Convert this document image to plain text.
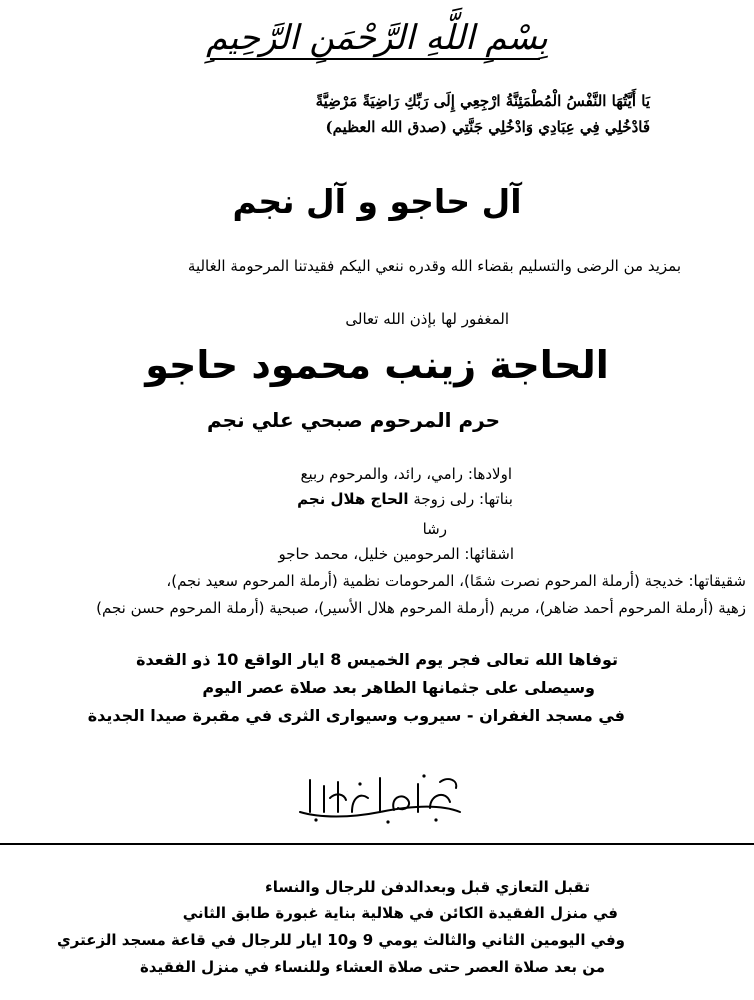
بِسْمِ اللَّهِ الرَّحْمَنِ الرَّحِيمِ
يَا أَيَّتُهَا النَّفْسُ الْمُطْمَئِنَّةُ ارْجِعِي إِلَى رَبِّكِ رَاضِيَةً مَرْضِيَّةً
فَادْخُلِي فِي عِبَادِي وَادْخُلِي جَنَّتِي (صدق الله العظيم)
آل حاجو و آل نجم
بمزيد من الرضى والتسليم بقضاء الله وقدره ننعي اليكم فقيدتنا المرحومة الغالية
المغفور لها بإذن الله تعالى
الحاجة زينب محمود حاجو
حرم المرحوم صبحي علي نجم
اولادها: رامي، رائد، والمرحوم ربيع
بناتها: رلى زوجة الحاج هلال نجم
رشا
اشقائها: المرحومين خليل، محمد حاجو
شقيقاتها: خديجة (أرملة المرحوم نصرت شمًا)، المرحومات نظمية (أرملة المرحوم سعيد نجم)،
زهية (أرملة المرحوم أحمد ضاهر)، مريم (أرملة المرحوم هلال الأسير)، صبحية (أرملة المرحوم حسن نجم)
توفاها الله تعالى فجر يوم الخميس 8 ايار الواقع 10 ذو القعدة
وسيصلى على جثمانها الطاهر بعد صلاة عصر اليوم
في مسجد الغفران - سيروب وسيوارى الثرى في مقبرة صيدا الجديدة
تقبل التعازي قبل وبعدالدفن للرجال والنساء
في منزل الفقيدة الكائن في هلالية بناية غبورة طابق الثاني
وفي اليومين الثاني والثالث يومي 9 و10 ايار للرجال في قاعة مسجد الزعتري
من بعد صلاة العصر حتى صلاة العشاء وللنساء في منزل الفقيدة
